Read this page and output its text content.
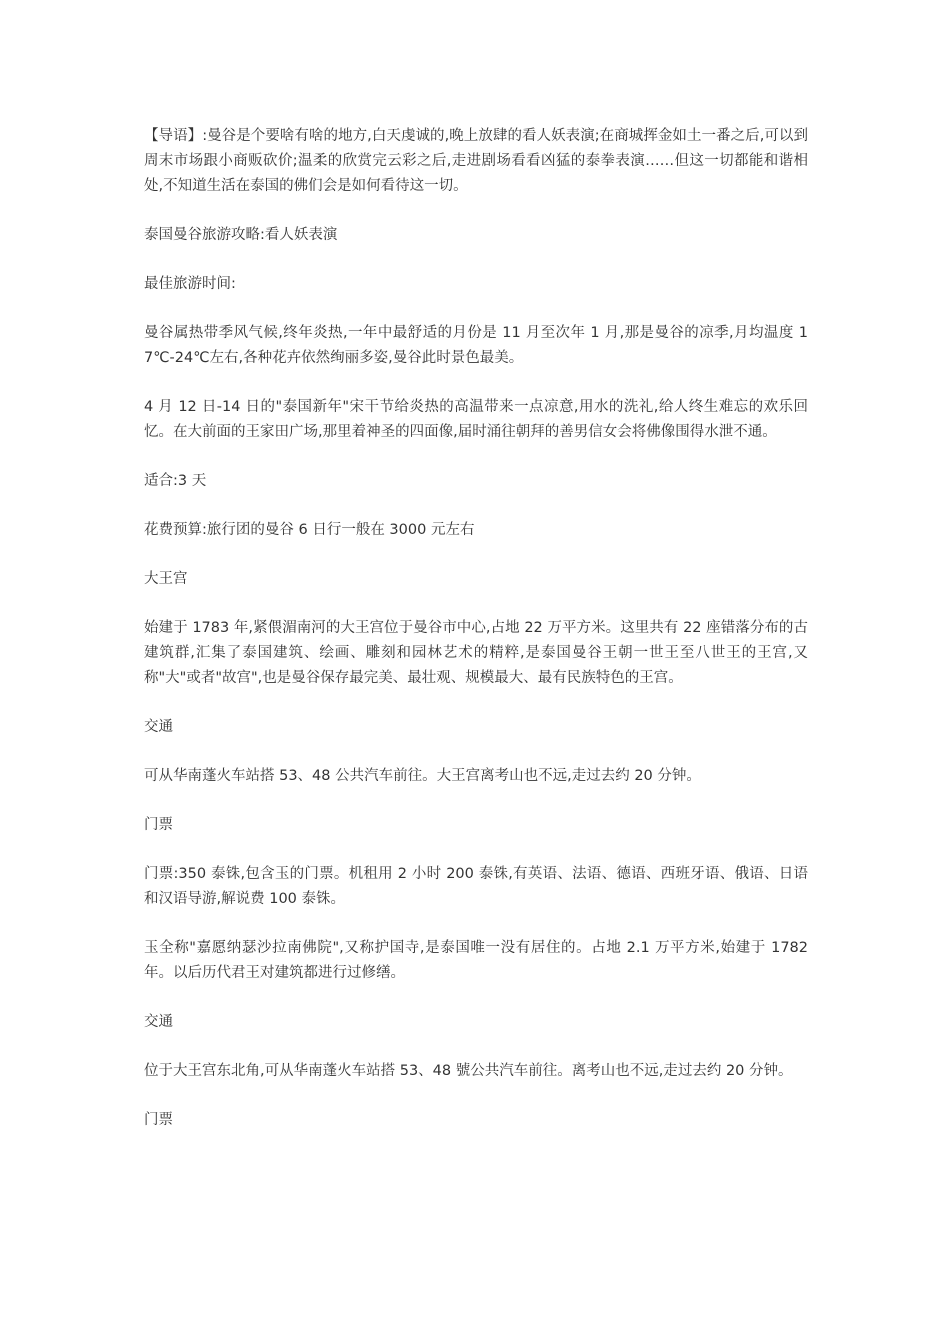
【导语】:曼谷是个要啥有啥的地方,白天虔诚的,晚上放肆的看人妖表演;在商城挥金如土一番之后,可以到周末市场跟小商贩砍价;温柔的欣赏完云彩之后,走进剧场看看凶猛的泰拳表演……但这一切都能和谐相处,不知道生活在泰国的佛们会是如何看待这一切。

泰国曼谷旅游攻略:看人妖表演

最佳旅游时间:

曼谷属热带季风气候,终年炎热,一年中最舒适的月份是 11 月至次年 1 月,那是曼谷的凉季,月均温度 17℃-24℃左右,各种花卉依然绚丽多姿,曼谷此时景色最美。

4 月 12 日-14 日的"泰国新年"宋干节给炎热的高温带来一点凉意,用水的洗礼,给人终生难忘的欢乐回忆。在大前面的王家田广场,那里着神圣的四面像,届时涌往朝拜的善男信女会将佛像围得水泄不通。

适合:3 天

花费预算:旅行团的曼谷 6 日行一般在 3000 元左右

大王宫

始建于 1783 年,紧偎湄南河的大王宫位于曼谷市中心,占地 22 万平方米。这里共有 22 座错落分布的古建筑群,汇集了泰国建筑、绘画、雕刻和园林艺术的精粹,是泰国曼谷王朝一世王至八世王的王宫,又称"大"或者"故宫",也是曼谷保存最完美、最壮观、规模最大、最有民族特色的王宫。

交通

可从华南蓬火车站搭 53、48 公共汽车前往。大王宫离考山也不远,走过去约 20 分钟。

门票

门票:350 泰铢,包含玉的门票。机租用 2 小时 200 泰铢,有英语、法语、德语、西班牙语、俄语、日语和汉语导游,解说费 100 泰铢。

玉全称"嘉愿纳瑟沙拉南佛院",又称护国寺,是泰国唯一没有居住的。占地 2.1 万平方米,始建于 1782 年。以后历代君王对建筑都进行过修缮。

交通

位于大王宫东北角,可从华南蓬火车站搭 53、48 號公共汽车前往。离考山也不远,走过去约 20 分钟。

门票
